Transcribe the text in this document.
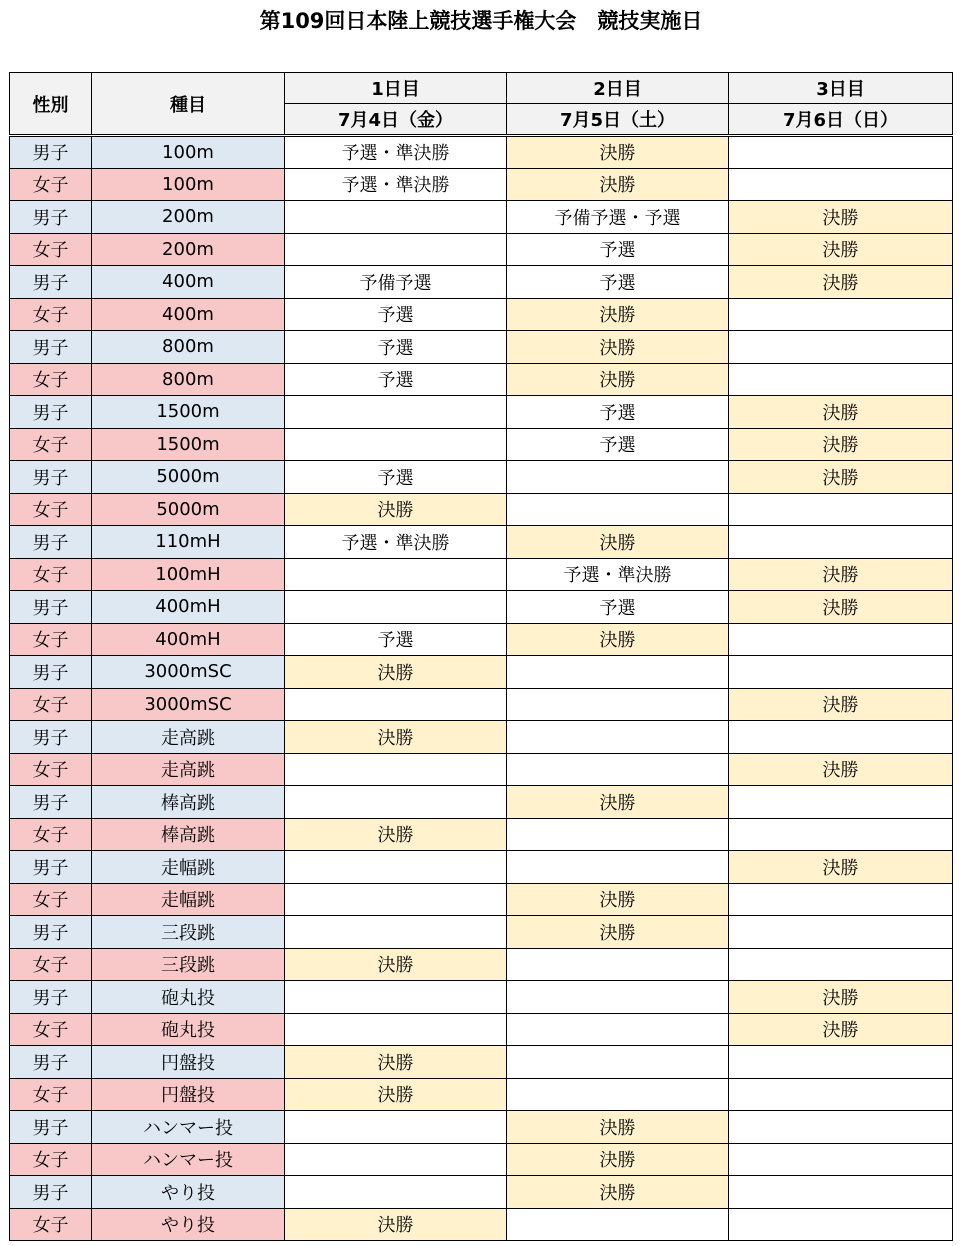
第109回日本陸上競技選手権大会　競技実施日
性別	種目	1日目	2日目	3日目
		7月4日（金）	7月5日（土）	7月6日（日）
男子	100m	予選・準決勝	決勝	
女子	100m	予選・準決勝	決勝	
男子	200m		予備予選・予選	決勝
女子	200m		予選	決勝
男子	400m	予備予選	予選	決勝
女子	400m	予選	決勝	
男子	800m	予選	決勝	
女子	800m	予選	決勝	
男子	1500m		予選	決勝
女子	1500m		予選	決勝
男子	5000m	予選		決勝
女子	5000m	決勝		
男子	110mH	予選・準決勝	決勝	
女子	100mH		予選・準決勝	決勝
男子	400mH		予選	決勝
女子	400mH	予選	決勝	
男子	3000mSC	決勝		
女子	3000mSC			決勝
男子	走高跳	決勝		
女子	走高跳			決勝
男子	棒高跳		決勝	
女子	棒高跳	決勝		
男子	走幅跳			決勝
女子	走幅跳		決勝	
男子	三段跳		決勝	
女子	三段跳	決勝		
男子	砲丸投			決勝
女子	砲丸投			決勝
男子	円盤投	決勝		
女子	円盤投	決勝		
男子	ハンマー投		決勝	
女子	ハンマー投		決勝	
男子	やり投		決勝	
女子	やり投	決勝		
